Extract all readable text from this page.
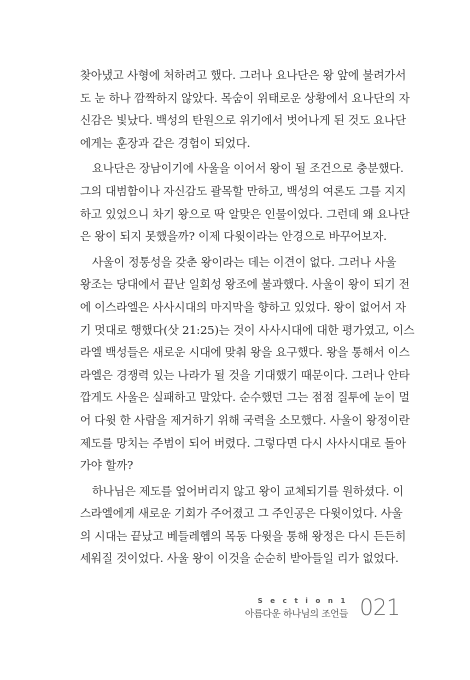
찾아냈고 사형에 처하려고 했다. 그러나 요나단은 왕 앞에 불려가서
도 눈 하나 깜짝하지 않았다. 목숨이 위태로운 상황에서 요나단의 자
신감은 빛났다. 백성의 탄원으로 위기에서 벗어나게 된 것도 요나단
에게는 훈장과 같은 경험이 되었다.

요나단은 장남이기에 사울을 이어서 왕이 될 조건으로 충분했다.
그의 대범함이나 자신감도 괄목할 만하고, 백성의 여론도 그를 지지
하고 있었으니 차기 왕으로 딱 알맞은 인물이었다. 그런데 왜 요나단
은 왕이 되지 못했을까? 이제 다윗이라는 안경으로 바꾸어보자.

사울이 정통성을 갖춘 왕이라는 데는 이견이 없다. 그러나 사울
왕조는 당대에서 끝난 일회성 왕조에 불과했다. 사울이 왕이 되기 전
에 이스라엘은 사사시대의 마지막을 향하고 있었다. 왕이 없어서 자
기 멋대로 행했다(삿 21:25)는 것이 사사시대에 대한 평가였고, 이스
라엘 백성들은 새로운 시대에 맞춰 왕을 요구했다. 왕을 통해서 이스
라엘은 경쟁력 있는 나라가 될 것을 기대했기 때문이다. 그러나 안타
깝게도 사울은 실패하고 말았다. 순수했던 그는 점점 질투에 눈이 멀
어 다윗 한 사람을 제거하기 위해 국력을 소모했다. 사울이 왕정이란
제도를 망치는 주범이 되어 버렸다. 그렇다면 다시 사사시대로 돌아
가야 할까?

하나님은 제도를 엎어버리지 않고 왕이 교체되기를 원하셨다. 이
스라엘에게 새로운 기회가 주어졌고 그 주인공은 다윗이었다. 사울
의 시대는 끝났고 베들레헴의 목동 다윗을 통해 왕정은 다시 든든히
세워질 것이었다. 사울 왕이 이것을 순순히 받아들일 리가 없었다.

S e c t i o n 1
아름다운 하나님의 조언들 021
